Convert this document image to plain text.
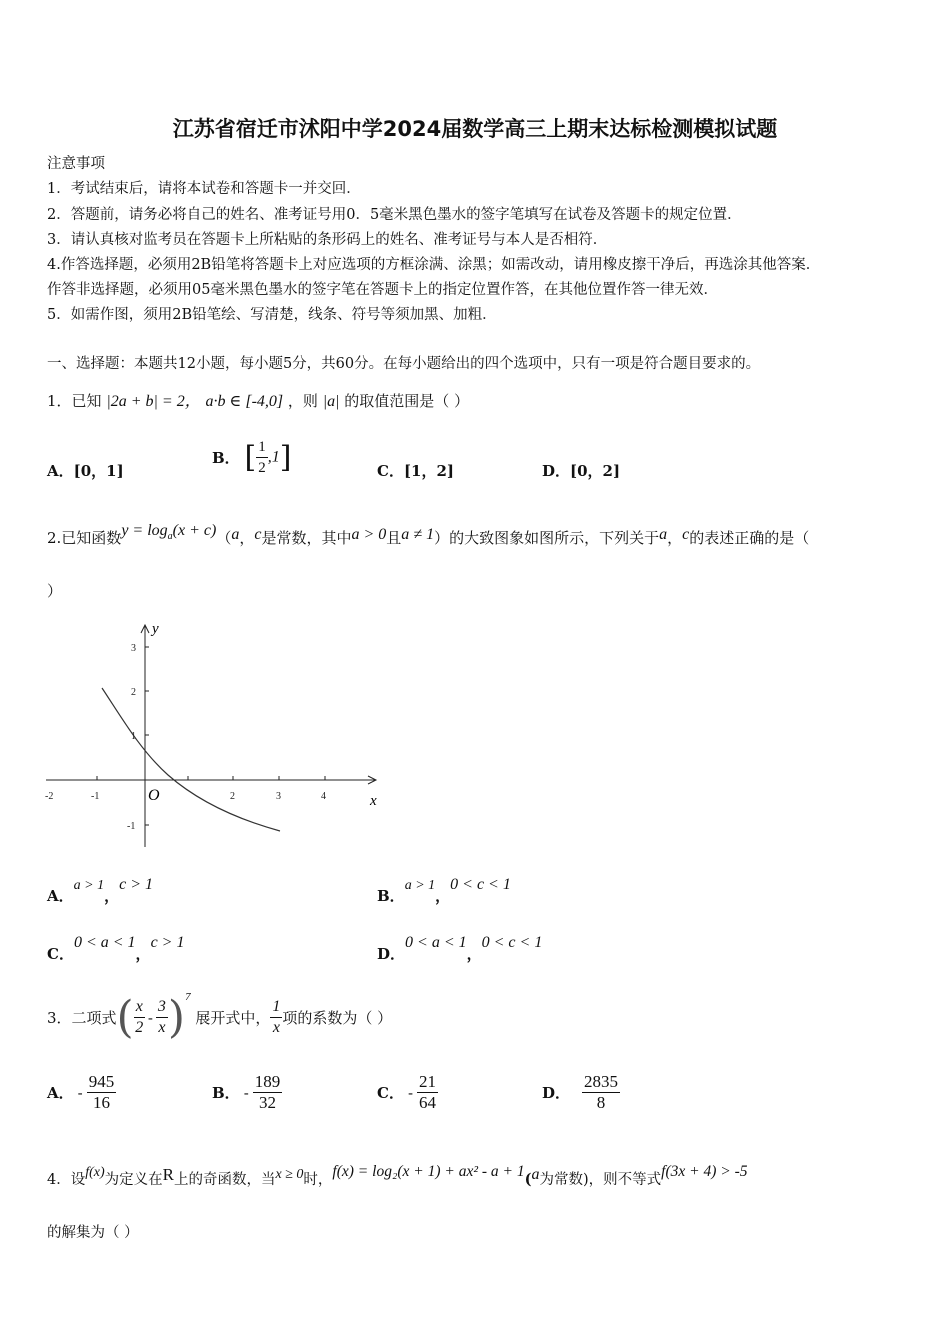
江苏省宿迁市沭阳中学2024届数学高三上期末达标检测模拟试题
注意事项
1．考试结束后，请将本试卷和答题卡一并交回．
2．答题前，请务必将自己的姓名、准考证号用0．5毫米黑色墨水的签字笔填写在试卷及答题卡的规定位置．
3．请认真核对监考员在答题卡上所粘贴的条形码上的姓名、准考证号与本人是否相符．
4.作答选择题，必须用2B铅笔将答题卡上对应选项的方框涂满、涂黑；如需改动，请用橡皮擦干净后，再选涂其他答案．
作答非选择题，必须用05毫米黑色墨水的签字笔在答题卡上的指定位置作答，在其他位置作答一律无效．
5．如需作图，须用2B铅笔绘、写清楚，线条、符号等须加黑、加粗．
一、选择题：本题共12小题，每小题5分，共60分。在每小题给出的四个选项中，只有一项是符合题目要求的。
1．已知 |2a + b| = 2， a·b ∈ [-4,0] ，则 |a| 的取值范围是（ ）
A．[0，1]
B． [ $\frac{1}{2} ,1$]	C．[1，2]	D．[0，2]
2.已知函数$y = \log^a(x + c)(a$，c是常数，其中a > 0且a ≠ 1）的大致图象如图所示，下列关于a，c的表述正确的是（
）
-2	-1	2	3	4
3
2
1
-1
O	x
y
A．a > 1，c > 1
B．a > 1，0 < c < 1
C．0 < a < 1，c > 1
D．0 < a < 1，0 < c < 1
3．二项式( $\frac{x}{2} - \frac{3}{x} )^7$ 展开式中， $\frac{1}{x}$ 项的系数为（ ）
A． - $\frac{945}{16}$	B． - $\frac{189}{32}$	C． - $\frac{21}{64}$	D． $\frac{2835}{8}$
4．设f(x)为定义在R上的奇函数，当x ≥ 0时，f(x) = log₂(x + 1) + ax² - a + 1(a为常数)，则不等式f(3x + 4) > -5
的解集为（ ）
